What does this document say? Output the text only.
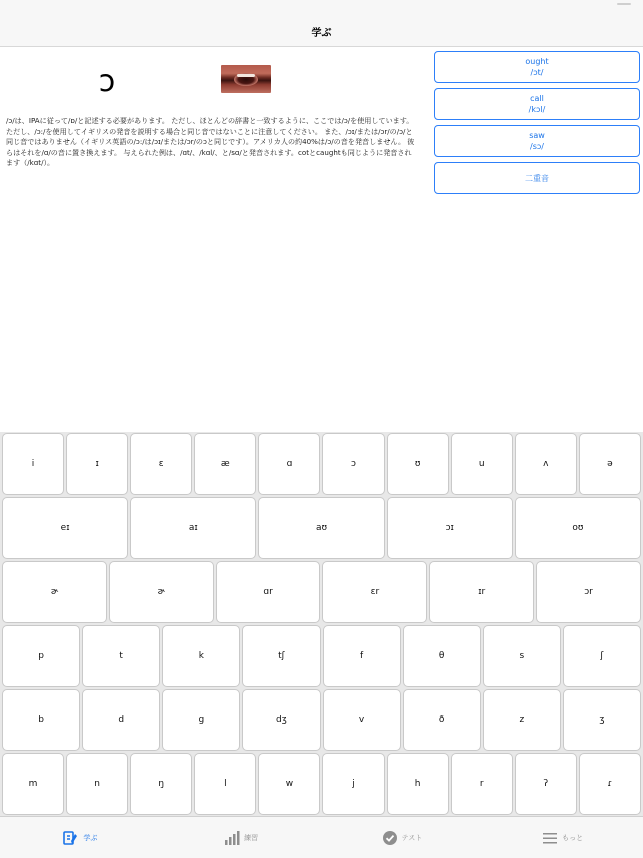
学ぶ
ɔ
/ɔ/は、IPAに従って/ɒ/と記述する必要があります。 ただし、ほとんどの辞書と一致するように、ここでは/ɔ/を使用しています。ただし、/ɔ:/を使用してイギリスの発音を説明する場合と同じ音ではないことに注意してください。 また、/ɔɪ/または/ɔr/の/ɔ/と同じ音ではありません（イギリス英語の/ɔ:/は/ɔɪ/または/ɔr/のɔと同じです）。アメリカ人の約40%は/ɔ/の音を発音しません。 彼らはそれを/ɑ/の音に置き換えます。 与えられた例は、/ɑt/、/kɑl/、と/sɑ/と発音されます。cotとcaughtも同じように発音されます（/kɑt/）。
ought
/ɔt/
call
/kɔl/
saw
/sɔ/
二重音
i	ɪ	ɛ	æ	ɑ	ɔ	ʊ	u	ʌ	ə
eɪ	aɪ	aʊ	ɔɪ	oʊ
ɚ	ɚ	ɑr	ɛr	ɪr	ɔr
p	t	k	tʃ	f	θ	s	ʃ
b	d	g	dʒ	v	ð	z	ʒ
m	n	ŋ	l	w	j	h	r	ʔ	ɾ
学ぶ	練習	テスト	もっと
